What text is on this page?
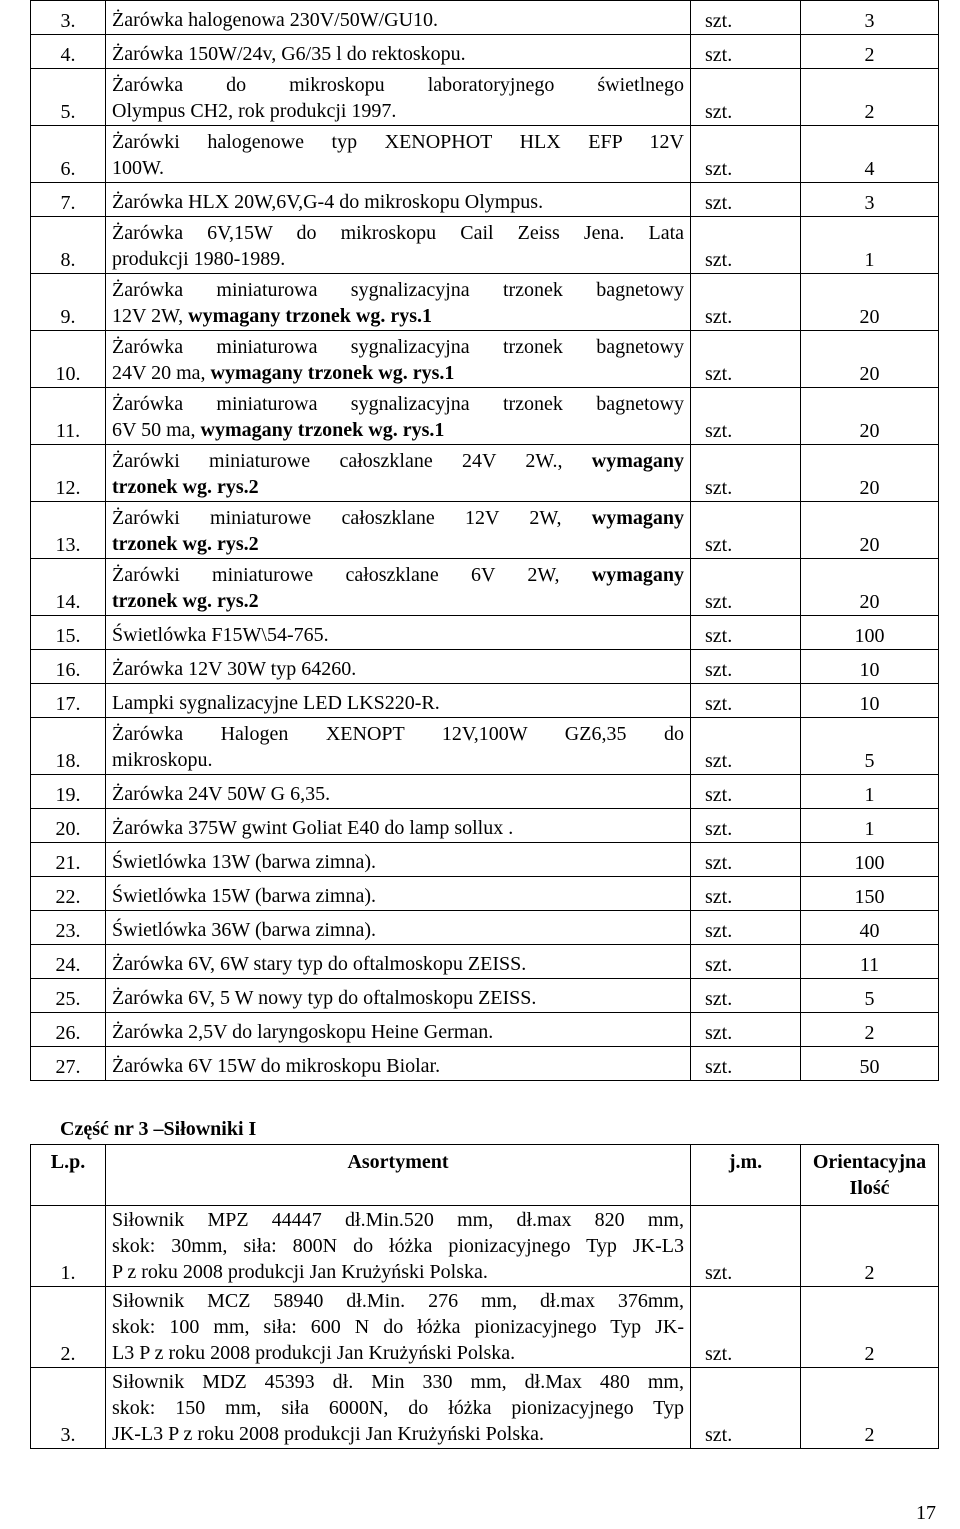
3.	Żarówka halogenowa 230V/50W/GU10.	szt.	3
4.	Żarówka 150W/24v, G6/35 l do rektoskopu.	szt.	2
5.	Żarówka do mikroskopu laboratoryjnego świetlnego
Olympus CH2, rok produkcji 1997.	szt.	2
6.	Żarówki halogenowe typ XENOPHOT HLX EFP 12V
100W.	szt.	4
7.	Żarówka HLX 20W,6V,G-4 do mikroskopu Olympus.	szt.	3
8.	Żarówka 6V,15W do mikroskopu Cail Zeiss Jena. Lata
produkcji 1980-1989.	szt.	1
9.	Żarówka miniaturowa sygnalizacyjna trzonek bagnetowy
12V 2W, wymagany trzonek wg. rys.1	szt.	20
10.	Żarówka miniaturowa sygnalizacyjna trzonek bagnetowy
24V 20 ma, wymagany trzonek wg. rys.1	szt.	20
11.	Żarówka miniaturowa sygnalizacyjna trzonek bagnetowy
6V 50 ma, wymagany trzonek wg. rys.1	szt.	20
12.	Żarówki miniaturowe całoszklane 24V 2W., wymagany
trzonek wg. rys.2	szt.	20
13.	Żarówki miniaturowe całoszklane 12V 2W, wymagany
trzonek wg. rys.2	szt.	20
14.	Żarówki miniaturowe całoszklane 6V 2W, wymagany
trzonek wg. rys.2	szt.	20
15.	Świetlówka F15W\54-765.	szt.	100
16.	Żarówka 12V 30W typ 64260.	szt.	10
17.	Lampki sygnalizacyjne LED LKS220-R.	szt.	10
18.	Żarówka Halogen XENOPT 12V,100W GZ6,35 do
mikroskopu.	szt.	5
19.	Żarówka 24V 50W G 6,35.	szt.	1
20.	Żarówka 375W gwint Goliat E40 do lamp sollux .	szt.	1
21.	Świetlówka 13W (barwa zimna).	szt.	100
22.	Świetlówka 15W (barwa zimna).	szt.	150
23.	Świetlówka 36W (barwa zimna).	szt.	40
24.	Żarówka 6V, 6W stary typ do oftalmoskopu ZEISS.	szt.	11
25.	Żarówka 6V, 5 W nowy typ do oftalmoskopu ZEISS.	szt.	5
26.	Żarówka 2,5V do laryngoskopu Heine German.	szt.	2
27.	Żarówka 6V 15W do mikroskopu Biolar.	szt.	50

Część nr 3 –Siłowniki I

L.p.	Asortyment	j.m.	Orientacyjna Ilość
1.	Siłownik MPZ 44447 dł.Min.520 mm, dł.max 820 mm,
skok: 30mm, siła: 800N do łóżka pionizacyjnego Typ JK-L3
P z roku 2008 produkcji Jan Krużyński Polska.	szt.	2
2.	Siłownik MCZ 58940 dł.Min. 276 mm, dł.max 376mm,
skok: 100 mm, siła: 600 N do łóżka pionizacyjnego Typ JK-
L3 P z roku 2008 produkcji Jan Krużyński Polska.	szt.	2
3.	Siłownik MDZ 45393 dł. Min 330 mm, dł.Max 480 mm,
skok: 150 mm, siła 6000N, do łóżka pionizacyjnego Typ
JK-L3 P z roku 2008 produkcji Jan Krużyński Polska.	szt.	2
17
